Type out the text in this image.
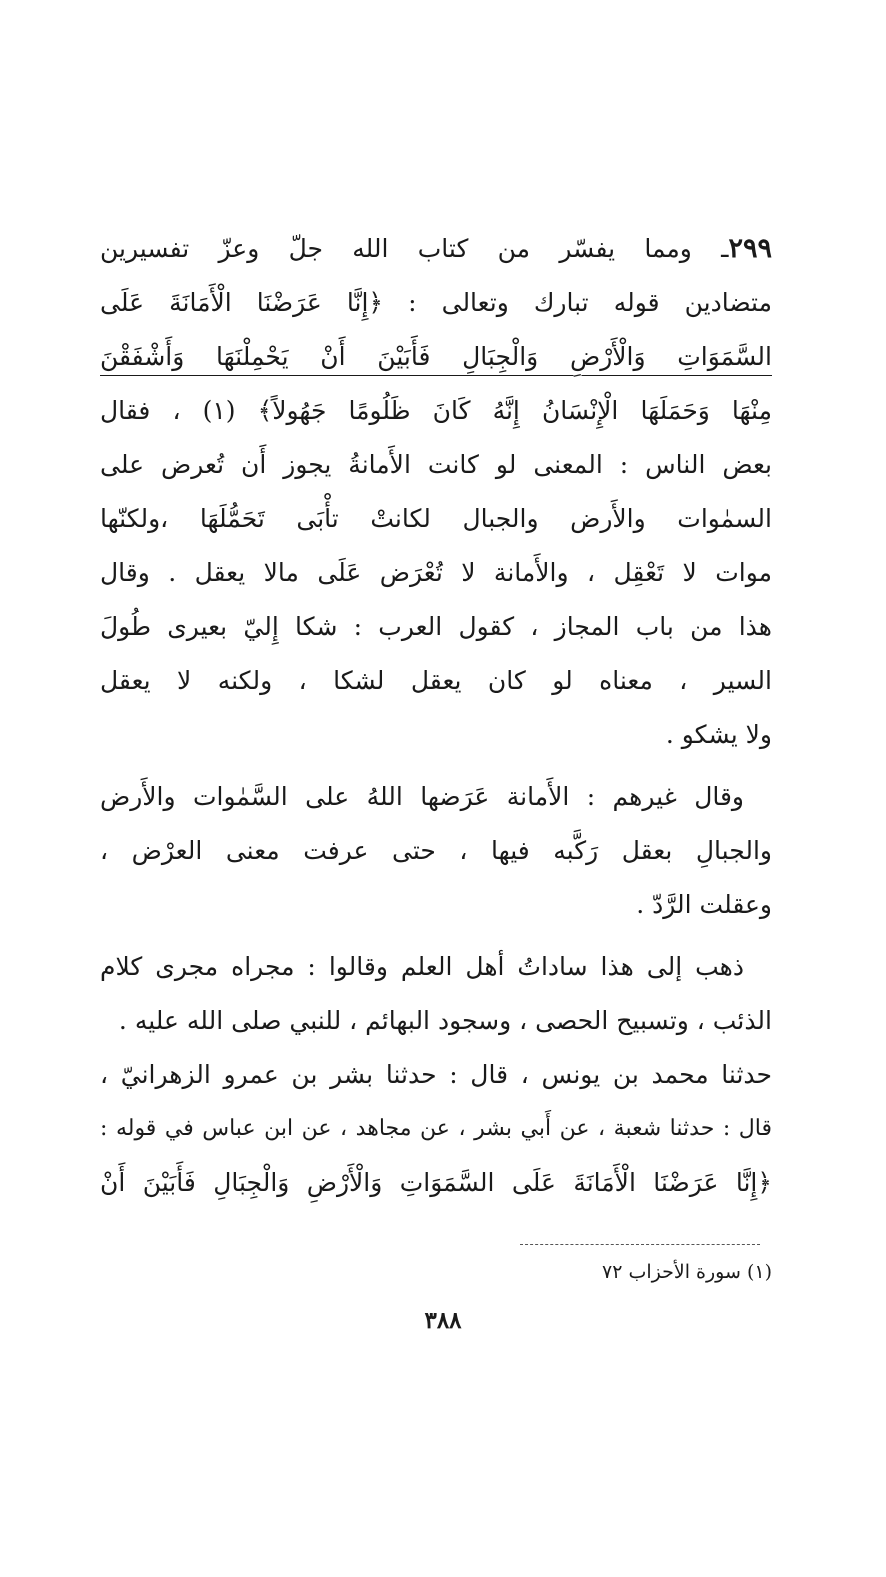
٢٩٩ـ ومما يفسّر من كتاب الله جلّ وعزّ تفسيرين
متضادين قوله تبارك وتعالى : ﴿إِنَّا عَرَضْنَا الْأَمَانَةَ عَلَى
السَّمَوَاتِ وَالْأَرْضِ وَالْجِبَالِ فَأَبَيْنَ أَنْ يَحْمِلْنَهَا وَأَشْفَقْنَ
مِنْهَا وَحَمَلَهَا الْإِنْسَانُ إِنَّهُ كَانَ ظَلُومًا جَهُولاً﴾ (١) ، فقال
بعض الناس : المعنى لو كانت الأَمانةُ يجوز أَن تُعرض على
السمٰوات والأَرض والجبال لكانتْ تأْبَى تَحَمُّلَهَا ،ولكنّها
موات لا تَعْقِل ، والأَمانة لا تُعْرَض عَلَى مالا يعقل . وقال
هذا من باب المجاز ، كقول العرب : شكا إِليّ بعيرى طُولَ
السير ، معناه لو كان يعقل لشكا ، ولكنه لا يعقل
ولا يشكو .
وقال غيرهم : الأَمانة عَرَضها اللهُ على السَّمٰوات والأَرض
والجبالِ بعقل رَكَّبه فيها ، حتى عرفت معنى العرْض ،
وعقلت الرَّدّ .
ذهب إلى هذا ساداتُ أهل العلم وقالوا : مجراه مجرى كلام
الذئب ، وتسبيح الحصى ، وسجود البهائم ، للنبي صلى الله عليه .
حدثنا محمد بن يونس ، قال : حدثنا بشر بن عمرو الزهرانيّ ،
قال : حدثنا شعبة ، عن أَبي بشر ، عن مجاهد ، عن ابن عباس في قوله :
﴿إِنَّا عَرَضْنَا الْأَمَانَةَ عَلَى السَّمَوَاتِ وَالْأَرْضِ وَالْجِبَالِ فَأَبَيْنَ أَنْ
(١) سورة الأحزاب ٧٢
٣٨٨
